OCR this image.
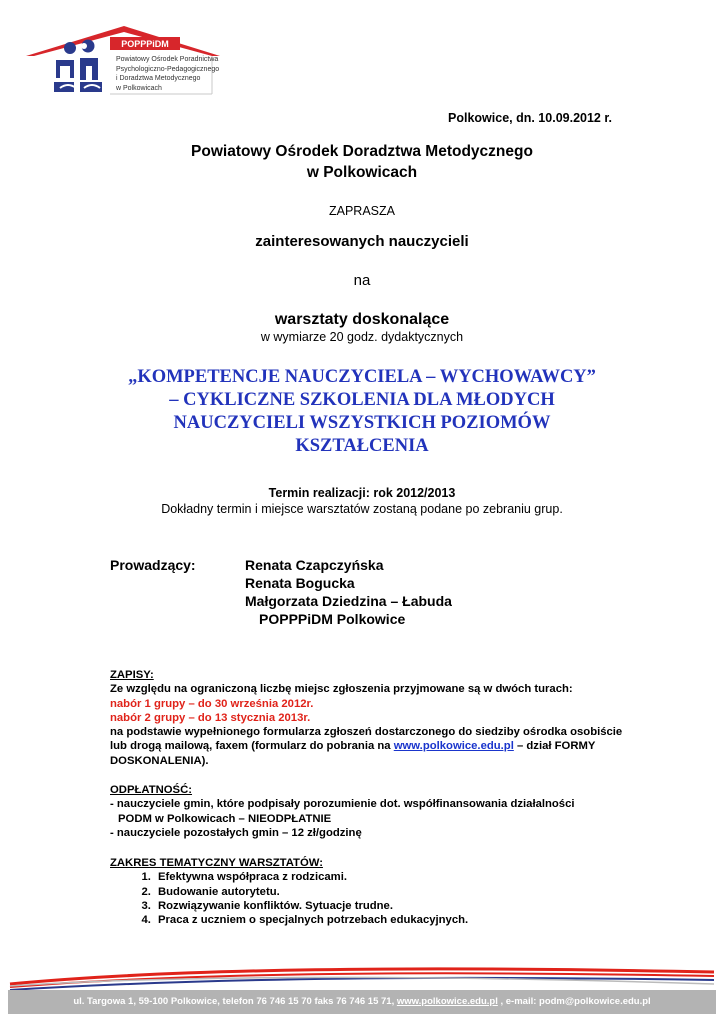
POPPPiDM
Powiatowy Ośrodek Poradnictwa
Psychologiczno-Pedagogicznego
i Doradztwa Metodycznego
w Polkowicach
Polkowice, dn. 10.09.2012 r.
Powiatowy Ośrodek Doradztwa Metodycznego
w Polkowicach
ZAPRASZA
zainteresowanych nauczycieli
na
warsztaty doskonalące
w wymiarze 20 godz. dydaktycznych
„KOMPETENCJE NAUCZYCIELA – WYCHOWAWCY”
– CYKLICZNE SZKOLENIA DLA MŁODYCH
NAUCZYCIELI WSZYSTKICH POZIOMÓW
KSZTAŁCENIA
Termin realizacji: rok 2012/2013
Dokładny termin i miejsce warsztatów zostaną podane po zebraniu grup.
Prowadzący:	Renata Czapczyńska
Renata Bogucka
Małgorzata Dziedzina – Łabuda
POPPPiDM Polkowice
ZAPISY:
Ze względu na ograniczoną liczbę miejsc zgłoszenia przyjmowane są w dwóch turach:
nabór 1 grupy – do 30 września 2012r.
nabór 2 grupy – do 13 stycznia 2013r.
na podstawie wypełnionego formularza zgłoszeń dostarczonego do siedziby ośrodka osobiście lub drogą mailową, faxem (formularz do pobrania na www.polkowice.edu.pl – dział FORMY DOSKONALENIA).
ODPŁATNOŚĆ:
- nauczyciele gmin, które podpisały porozumienie dot. współfinansowania działalności
PODM w Polkowicach – NIEODPŁATNIE
- nauczyciele pozostałych gmin – 12 zł/godzinę
ZAKRES TEMATYCZNY WARSZTATÓW:
1. Efektywna współpraca z rodzicami.
2. Budowanie autorytetu.
3. Rozwiązywanie konfliktów. Sytuacje trudne.
4. Praca z uczniem o specjalnych potrzebach edukacyjnych.
ul. Targowa 1, 59-100 Polkowice, telefon 76 746 15 70 faks 76 746 15 71, www.polkowice.edu.pl , e-mail: podm@polkowice.edu.pl
